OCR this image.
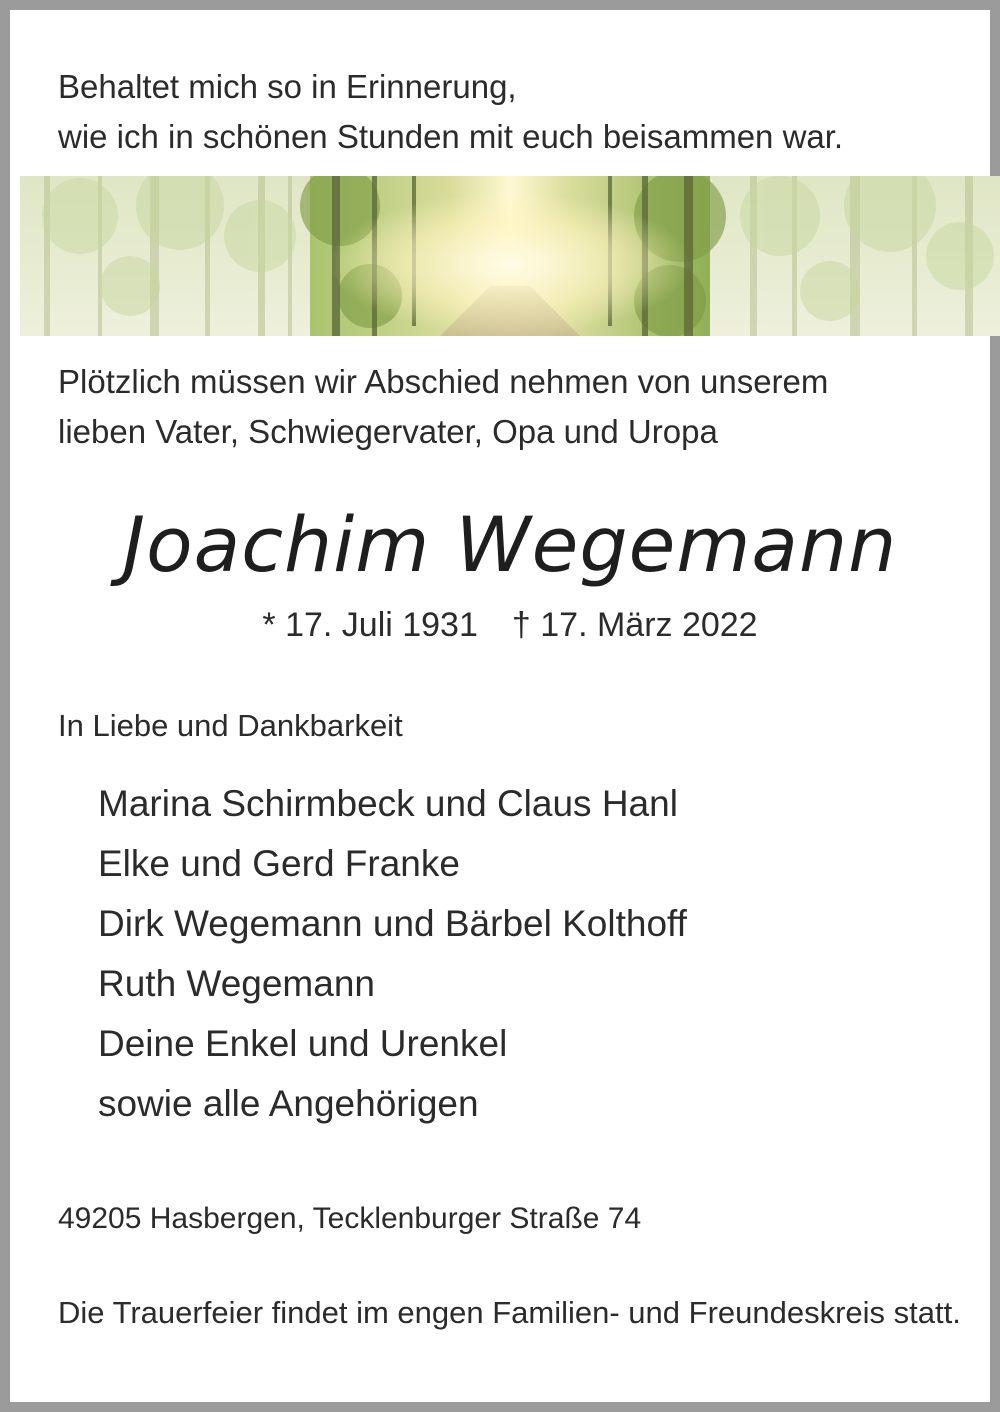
Behaltet mich so in Erinnerung,
wie ich in schönen Stunden mit euch beisammen war.
Plötzlich müssen wir Abschied nehmen von unserem
lieben Vater, Schwiegervater, Opa und Uropa
Joachim Wegemann
* 17. Juli 1931 † 17. März 2022
In Liebe und Dankbarkeit
Marina Schirmbeck und Claus Hanl
Elke und Gerd Franke
Dirk Wegemann und Bärbel Kolthoff
Ruth Wegemann
Deine Enkel und Urenkel
sowie alle Angehörigen
49205 Hasbergen, Tecklenburger Straße 74
Die Trauerfeier findet im engen Familien- und Freundeskreis statt.
